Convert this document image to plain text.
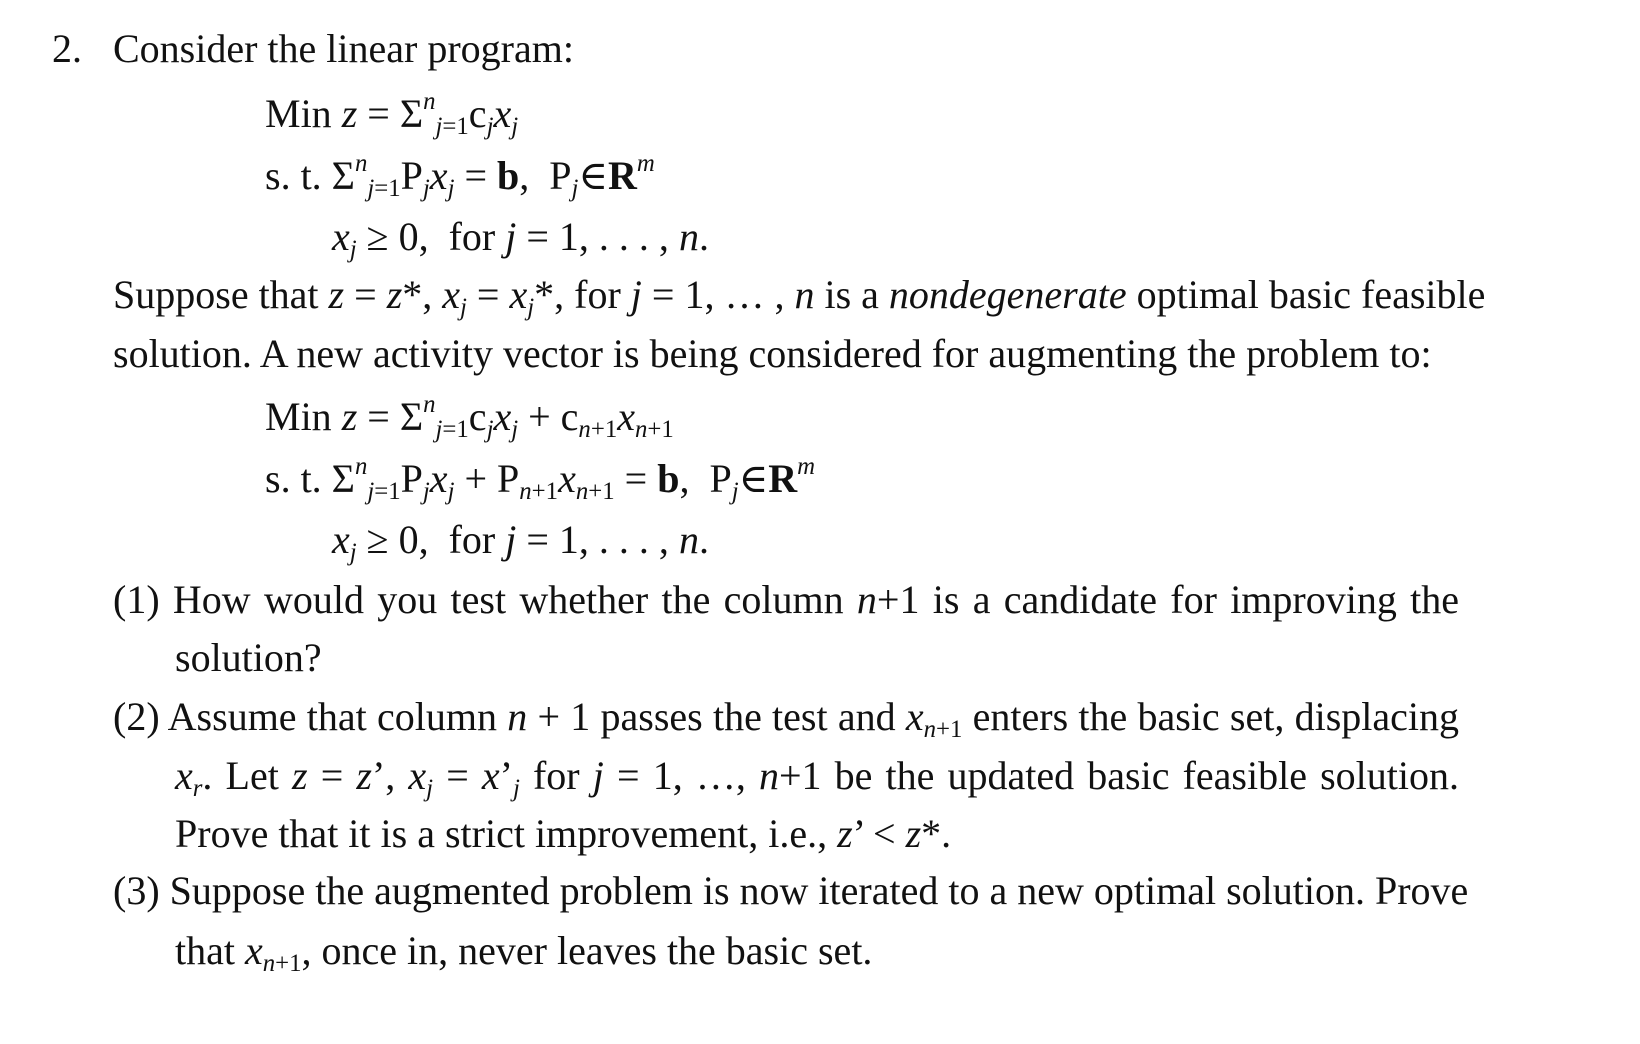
2. Consider the linear program:
Min $z = \Sigma^nj=1cjxj$
s. t. $\Sigma^nj=1Pjxj = b$,  $Pj\in R^m$
xj ≥ 0,  for j = 1, . . . , n.
Suppose that z = z*, xj = xj*, for j = 1, … , n is a nondegenerate optimal basic feasible
solution. A new activity vector is being considered for augmenting the problem to:
Min $z = \Sigma^nj=1cjxj + cn+1xn+1$
s. t. $\Sigma^nj=1Pjxj + Pn+1xn+1 = b$,  $Pj\in R^m$
xj ≥ 0,  for j = 1, . . . , n.
(1) How would you test whether the column n+1 is a candidate for improving the
solution?
(2) Assume that column n + 1 passes the test and xn+1 enters the basic set, displacing
xr. Let z = z’, xj = x’j for j = 1, …, n+1 be the updated basic feasible solution.
Prove that it is a strict improvement, i.e., z’ < z*.
(3) Suppose the augmented problem is now iterated to a new optimal solution. Prove
that xn+1, once in, never leaves the basic set.
